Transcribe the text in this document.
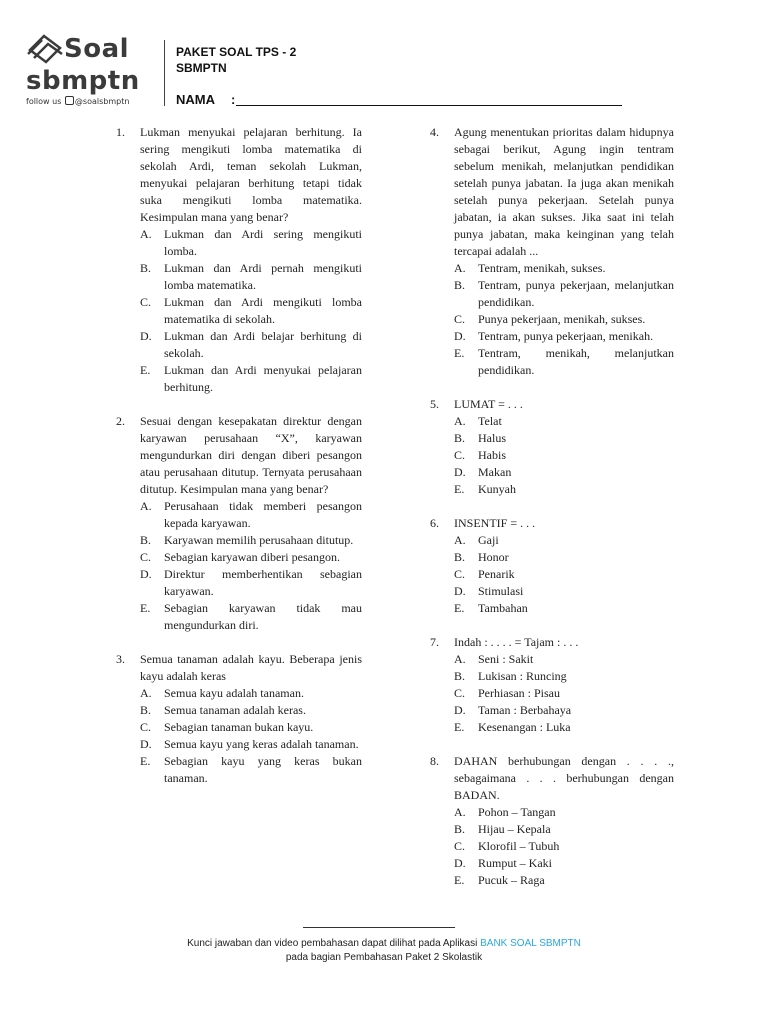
Soal
sbmptn
follow us @soalsbmptn
PAKET SOAL TPS - 2
SBMPTN
NAMA :
1. Lukman menyukai pelajaran berhitung. Ia sering mengikuti lomba matematika di sekolah Ardi, teman sekolah Lukman, menyukai pelajaran berhitung tetapi tidak suka mengikuti lomba matematika. Kesimpulan mana yang benar?
A. Lukman dan Ardi sering mengikuti lomba.
B. Lukman dan Ardi pernah mengikuti lomba matematika.
C. Lukman dan Ardi mengikuti lomba matematika di sekolah.
D. Lukman dan Ardi belajar berhitung di sekolah.
E. Lukman dan Ardi menyukai pelajaran berhitung.
2. Sesuai dengan kesepakatan direktur dengan karyawan perusahaan “X”, karyawan mengundurkan diri dengan diberi pesangon atau perusahaan ditutup. Ternyata perusahaan ditutup. Kesimpulan mana yang benar?
A. Perusahaan tidak memberi pesangon kepada karyawan.
B. Karyawan memilih perusahaan ditutup.
C. Sebagian karyawan diberi pesangon.
D. Direktur memberhentikan sebagian karyawan.
E. Sebagian karyawan tidak mau mengundurkan diri.
3. Semua tanaman adalah kayu. Beberapa jenis kayu adalah keras
A. Semua kayu adalah tanaman.
B. Semua tanaman adalah keras.
C. Sebagian tanaman bukan kayu.
D. Semua kayu yang keras adalah tanaman.
E. Sebagian kayu yang keras bukan tanaman.
4. Agung menentukan prioritas dalam hidupnya sebagai berikut, Agung ingin tentram sebelum menikah, melanjutkan pendidikan setelah punya jabatan. Ia juga akan menikah setelah punya pekerjaan. Setelah punya jabatan, ia akan sukses. Jika saat ini telah punya jabatan, maka keinginan yang telah tercapai adalah ...
A. Tentram, menikah, sukses.
B. Tentram, punya pekerjaan, melanjutkan pendidikan.
C. Punya pekerjaan, menikah, sukses.
D. Tentram, punya pekerjaan, menikah.
E. Tentram, menikah, melanjutkan pendidikan.
5. LUMAT = . . .
A. Telat
B. Halus
C. Habis
D. Makan
E. Kunyah
6. INSENTIF = . . .
A. Gaji
B. Honor
C. Penarik
D. Stimulasi
E. Tambahan
7. Indah : . . . . = Tajam : . . .
A. Seni : Sakit
B. Lukisan : Runcing
C. Perhiasan : Pisau
D. Taman : Berbahaya
E. Kesenangan : Luka
8. DAHAN berhubungan dengan . . . ., sebagaimana . . . berhubungan dengan BADAN.
A. Pohon – Tangan
B. Hijau – Kepala
C. Klorofil – Tubuh
D. Rumput – Kaki
E. Pucuk – Raga
Kunci jawaban dan video pembahasan dapat dilihat pada Aplikasi BANK SOAL SBMPTN
pada bagian Pembahasan Paket 2 Skolastik
